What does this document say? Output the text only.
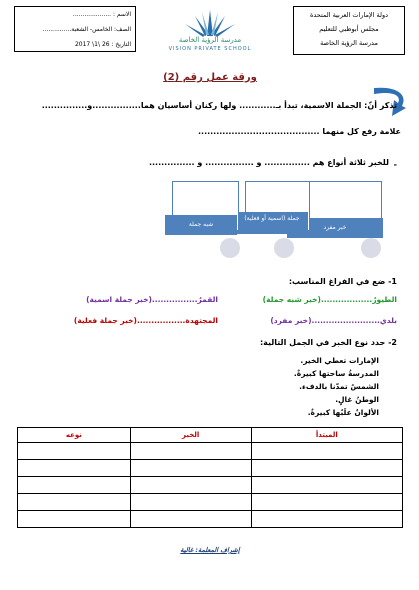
دولة الإمارات العربية المتحدة
مجلس أبوظبي للتعليم
مدرسة الرؤية الخاصة
مدرسة الرؤية الخاصة
VISION PRIVATE SCHOOL
الاسم : ....................
الصف: الخامس- الشعبة...............
التاريخ : 26 \1\ 2017
ورقة عمل رقم (2)
تذكر أنّ: الجملة الاسمية، تبدأ بـ............ ولها ركنان أساسيان هما................و...............
علامة رفع كل منهما ........................................
للخبر ثلاثة أنواع هم ............... و ................ و ............... -
خبر مفرد
جملة (اسمية أو فعلية)
شبه جملة
1- ضع في الفراغ المناسب:
الطيورُ..................(خبر شبه جملة)
القمرُ................(خبر جملة اسمية)
بلدي........................(خبر مفرد)
المجتهدة.................(خبر جملة فعلية)
2- حدد نوع الخبر في الجمل التالية:
الإمارات تعطي الخير.
المدرسةُ ساحتها كبيرةٌ.
الشمسُ تمدّنا بالدفء.
الوطنُ غالٍ.
الألوانُ علَبُها كبيرةٌ.
المبتدأ	الخبر	نوعه

إشراف المعلمة: غالية
